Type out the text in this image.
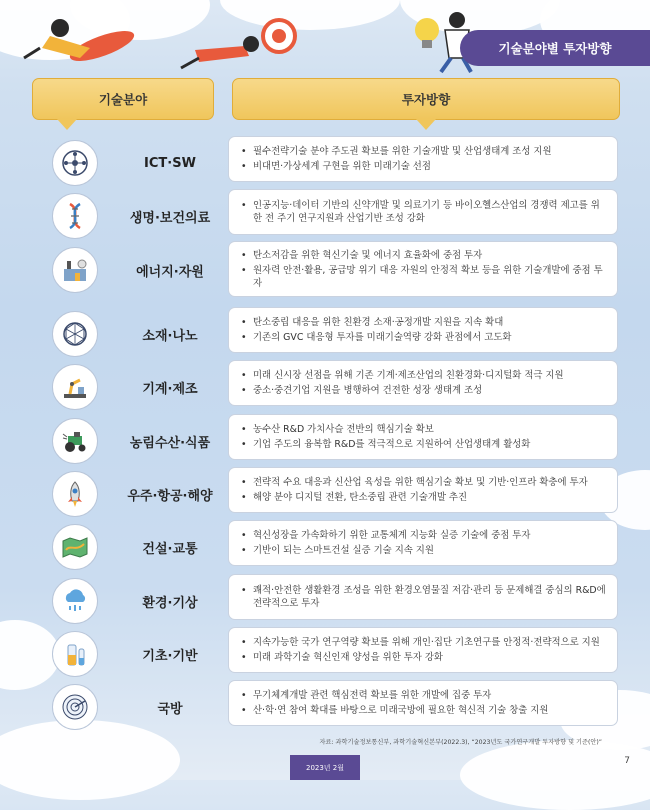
기술분야별 투자방향
기술분야	투자방향
ICT·SW
• 필수전략기술 분야 주도권 확보를 위한 기술개발 및 산업생태계 조성 지원
• 비대면·가상세계 구현을 위한 미래기술 선점
생명·보건의료
• 인공지능·데이터 기반의 신약개발 및 의료기기 등 바이오헬스산업의 경쟁력 제고를 위한 전 주기 연구지원과 산업기반 조성 강화
에너지·자원
• 탄소저감을 위한 혁신기술 및 에너지 효율화에 중점 투자
• 원자력 안전·활용, 공급망 위기 대응 자원의 안정적 확보 등을 위한 기술개발에 중점 투자
소재·나노
• 탄소중립 대응을 위한 친환경 소재·공정개발 지원을 지속 확대
• 기존의 GVC 대응형 투자를 미래기술역량 강화 관점에서 고도화
기계·제조
• 미래 신시장 선점을 위해 기존 기계·제조산업의 친환경화·디지털화 적극 지원
• 중소·중견기업 지원을 병행하여 건전한 성장 생태계 조성
농림수산·식품
• 농수산 R&D 가치사슬 전반의 핵심기술 확보
• 기업 주도의 융복합 R&D를 적극적으로 지원하여 산업생태계 활성화
우주·항공·해양
• 전략적 수요 대응과 신산업 육성을 위한 핵심기술 확보 및 기반·인프라 확충에 투자
• 해양 분야 디지털 전환, 탄소중립 관련 기술개발 추진
건설·교통
• 혁신성장을 가속화하기 위한 교통체계 지능화 실증 기술에 중점 투자
• 기반이 되는 스마트건설 실증 기술 지속 지원
환경·기상
• 쾌적·안전한 생활환경 조성을 위한 환경오염물질 저감·관리 등 문제해결 중심의 R&D에 전략적으로 투자
기초·기반
• 지속가능한 국가 연구역량 확보를 위해 개인·집단 기초연구를 안정적·전략적으로 지원
• 미래 과학기술 혁신인재 양성을 위한 투자 강화
국방
• 무기체계개발 관련 핵심전력 확보를 위한 개발에 집중 투자
• 산·학·연 참여 확대를 바탕으로 미래국방에 필요한 혁신적 기술 창출 지원
자료: 과학기술정보통신부, 과학기술혁신본부(2022.3), “2023년도 국가연구개발 투자방향 및 기준(안)”
2023년 2월
7
